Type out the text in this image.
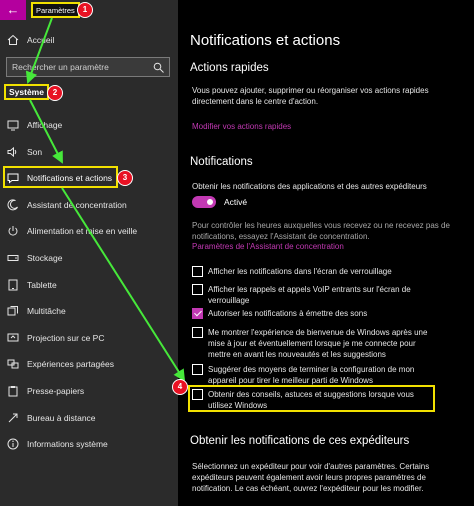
←	Paramètres
Accueil
Rechercher un paramètre
Système
Affichage
Son
Notifications et actions
Assistant de concentration
Alimentation et mise en veille
Stockage
Tablette
Multitâche
Projection sur ce PC
Expériences partagées
Presse-papiers
Bureau à distance
Informations système
Notifications et actions
Actions rapides
Vous pouvez ajouter, supprimer ou réorganiser vos actions rapides directement dans le centre d'action.
Modifier vos actions rapides
Notifications
Obtenir les notifications des applications et des autres expéditeurs
Activé
Pour contrôler les heures auxquelles vous recevez ou ne recevez pas de notifications, essayez l'Assistant de concentration.
Paramètres de l'Assistant de concentration
Afficher les notifications dans l'écran de verrouillage
Afficher les rappels et appels VoIP entrants sur l'écran de verrouillage
Autoriser les notifications à émettre des sons
Me montrer l'expérience de bienvenue de Windows après une mise à jour et éventuellement lorsque je me connecte pour mettre en avant les nouveautés et les suggestions
Suggérer des moyens de terminer la configuration de mon appareil pour tirer le meilleur parti de Windows
Obtenir des conseils, astuces et suggestions lorsque vous utilisez Windows
Obtenir les notifications de ces expéditeurs
Sélectionnez un expéditeur pour voir d'autres paramètres. Certains expéditeurs peuvent également avoir leurs propres paramètres de notification. Le cas échéant, ouvrez l'expéditeur pour les modifier.
1
2
3
4
